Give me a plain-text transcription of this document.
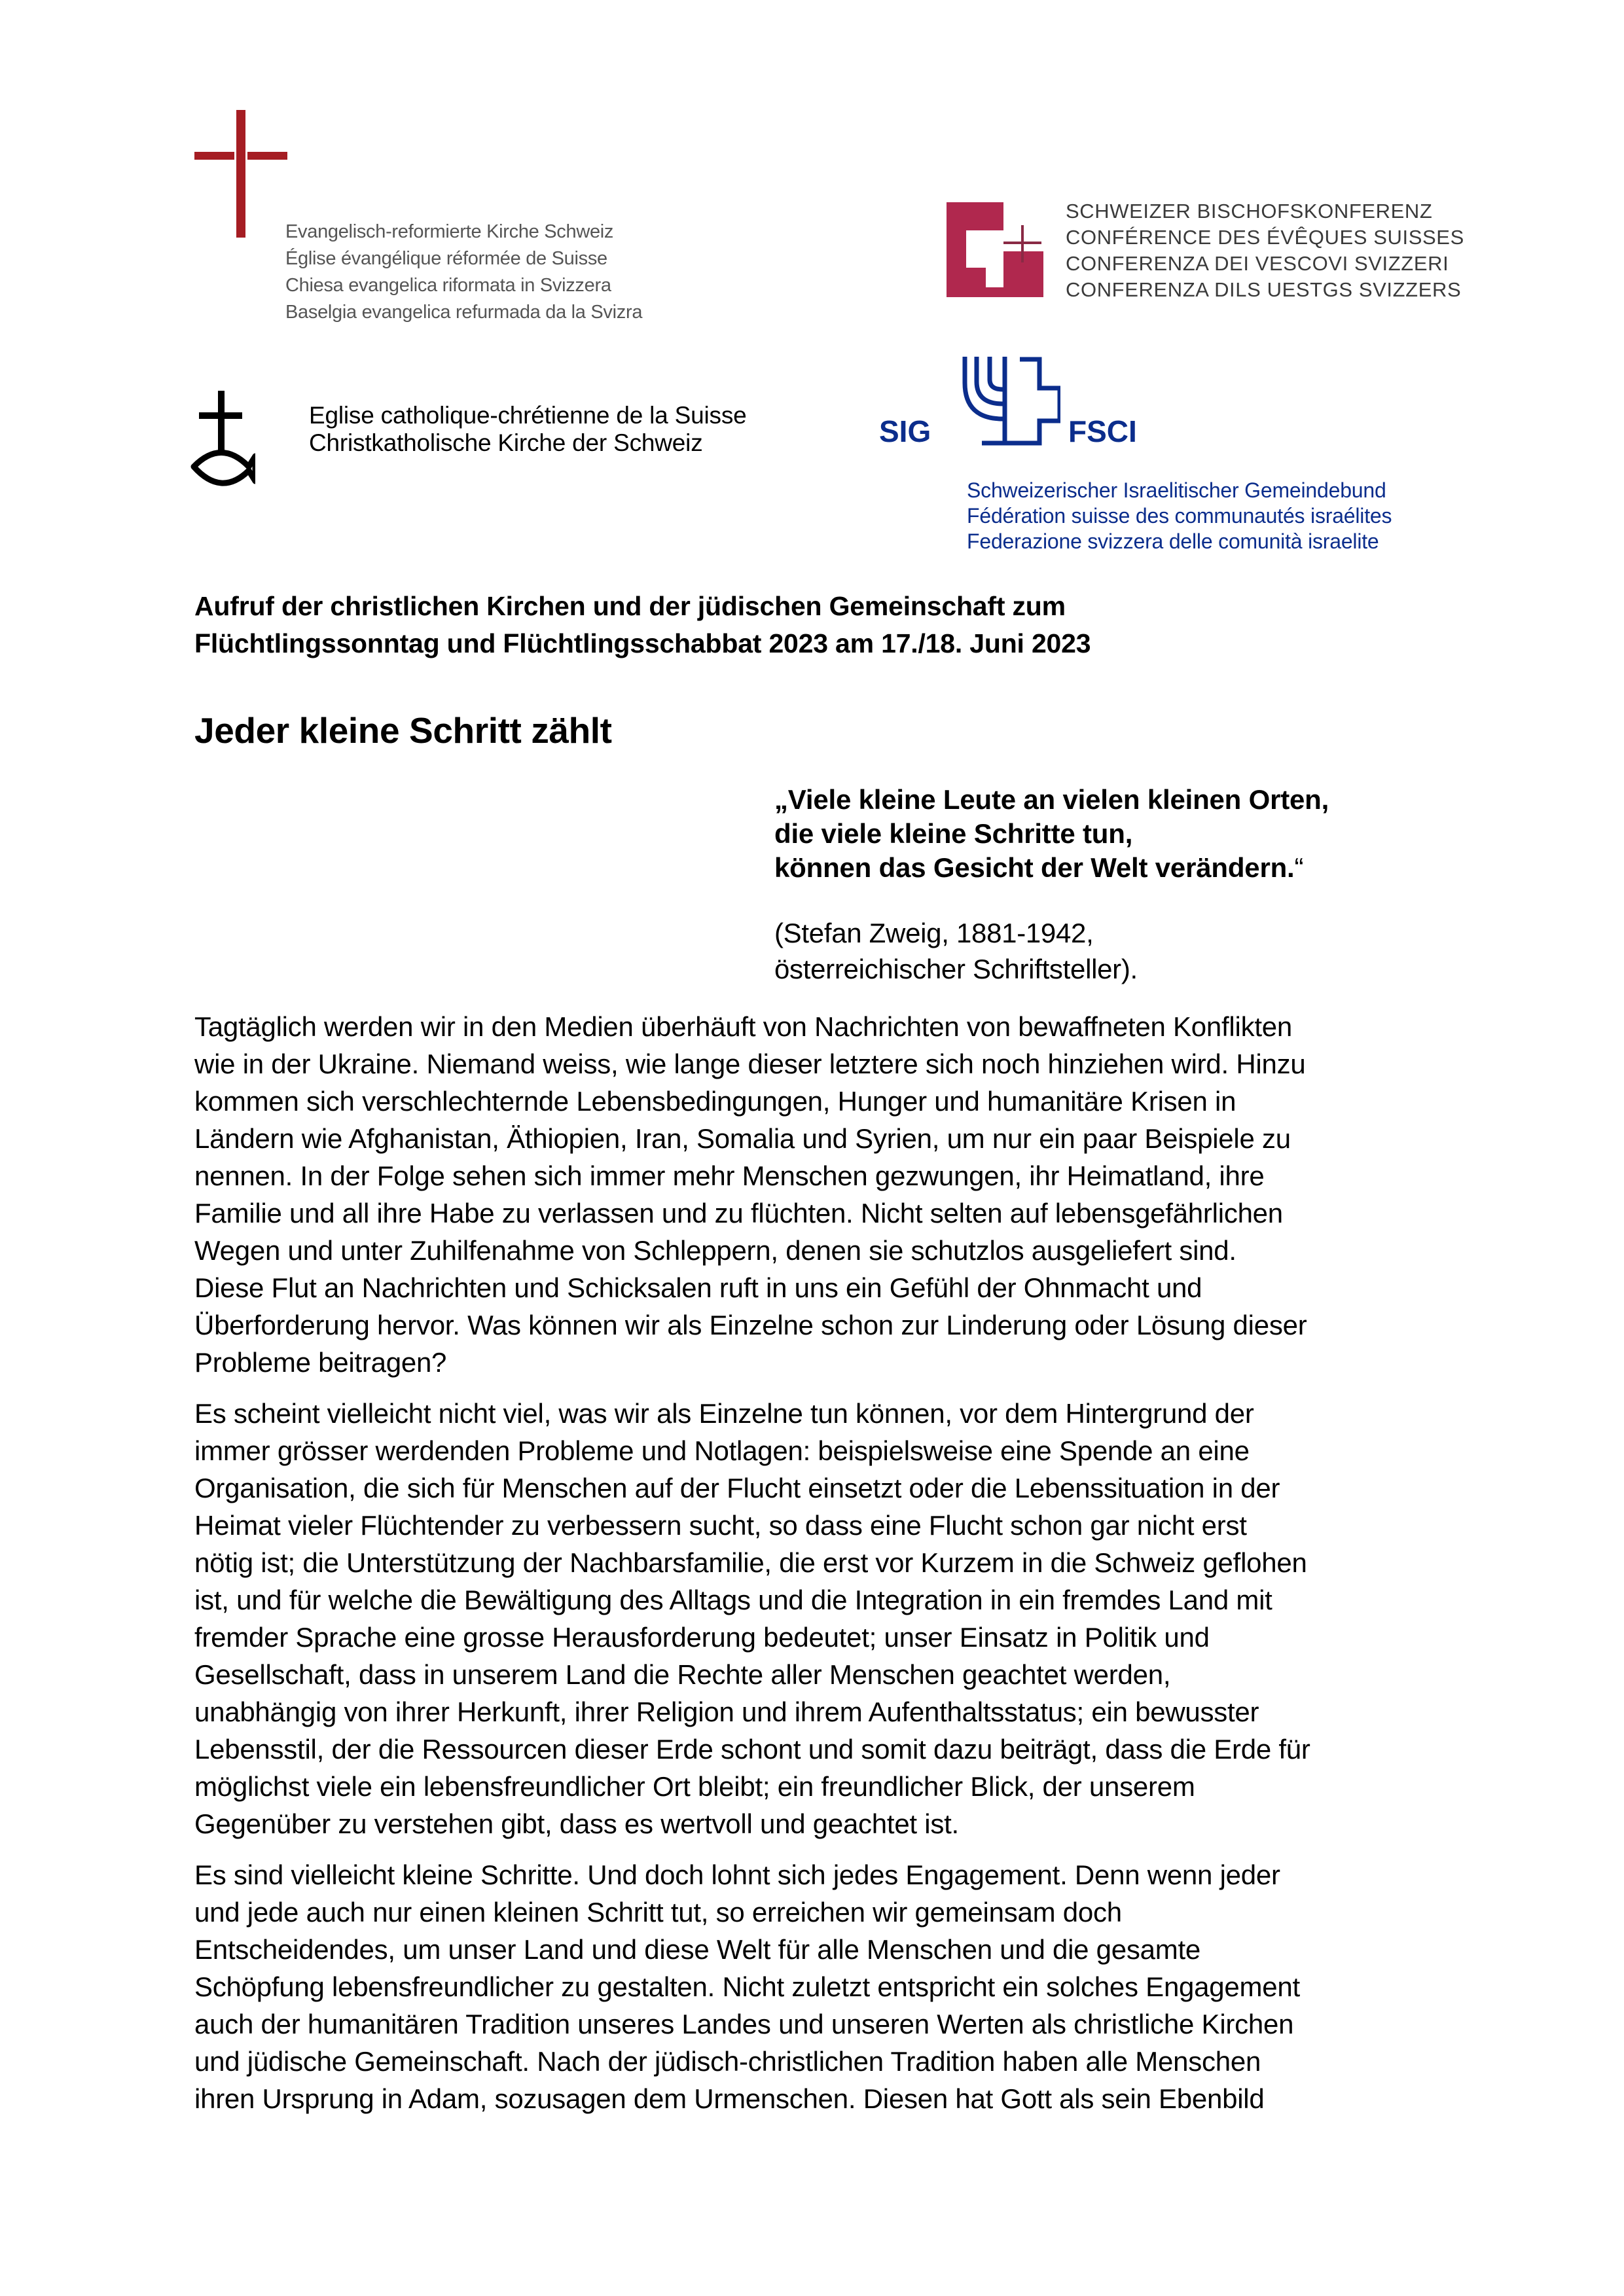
Evangelisch-reformierte Kirche Schweiz
Église évangélique réformée de Suisse
Chiesa evangelica riformata in Svizzera
Baselgia evangelica refurmada da la Svizra
SCHWEIZER BISCHOFSKONFERENZ
CONFÉRENCE DES ÉVÊQUES SUISSES
CONFERENZA DEI VESCOVI SVIZZERI
CONFERENZA DILS UESTGS SVIZZERS
Eglise catholique-chrétienne de la Suisse
Christkatholische Kirche der Schweiz	SIG	FSCI
Schweizerischer Israelitischer Gemeindebund
Fédération suisse des communautés israélites
Federazione svizzera delle comunità israelite
Aufruf der christlichen Kirchen und der jüdischen Gemeinschaft zum
Flüchtlingssonntag und Flüchtlingsschabbat 2023 am 17./18. Juni 2023
Jeder kleine Schritt zählt
„Viele kleine Leute an vielen kleinen Orten,
die viele kleine Schritte tun,
können das Gesicht der Welt verändern.“
(Stefan Zweig, 1881-1942,
österreichischer Schriftsteller).

Tagtäglich werden wir in den Medien überhäuft von Nachrichten von bewaffneten Konflikten
wie in der Ukraine. Niemand weiss, wie lange dieser letztere sich noch hinziehen wird. Hinzu
kommen sich verschlechternde Lebensbedingungen, Hunger und humanitäre Krisen in
Ländern wie Afghanistan, Äthiopien, Iran, Somalia und Syrien, um nur ein paar Beispiele zu
nennen. In der Folge sehen sich immer mehr Menschen gezwungen, ihr Heimatland, ihre
Familie und all ihre Habe zu verlassen und zu flüchten. Nicht selten auf lebensgefährlichen
Wegen und unter Zuhilfenahme von Schleppern, denen sie schutzlos ausgeliefert sind.
Diese Flut an Nachrichten und Schicksalen ruft in uns ein Gefühl der Ohnmacht und
Überforderung hervor. Was können wir als Einzelne schon zur Linderung oder Lösung dieser
Probleme beitragen?

Es scheint vielleicht nicht viel, was wir als Einzelne tun können, vor dem Hintergrund der
immer grösser werdenden Probleme und Notlagen: beispielsweise eine Spende an eine
Organisation, die sich für Menschen auf der Flucht einsetzt oder die Lebenssituation in der
Heimat vieler Flüchtender zu verbessern sucht, so dass eine Flucht schon gar nicht erst
nötig ist; die Unterstützung der Nachbarsfamilie, die erst vor Kurzem in die Schweiz geflohen
ist, und für welche die Bewältigung des Alltags und die Integration in ein fremdes Land mit
fremder Sprache eine grosse Herausforderung bedeutet; unser Einsatz in Politik und
Gesellschaft, dass in unserem Land die Rechte aller Menschen geachtet werden,
unabhängig von ihrer Herkunft, ihrer Religion und ihrem Aufenthaltsstatus; ein bewusster
Lebensstil, der die Ressourcen dieser Erde schont und somit dazu beiträgt, dass die Erde für
möglichst viele ein lebensfreundlicher Ort bleibt; ein freundlicher Blick, der unserem
Gegenüber zu verstehen gibt, dass es wertvoll und geachtet ist.

Es sind vielleicht kleine Schritte. Und doch lohnt sich jedes Engagement. Denn wenn jeder
und jede auch nur einen kleinen Schritt tut, so erreichen wir gemeinsam doch
Entscheidendes, um unser Land und diese Welt für alle Menschen und die gesamte
Schöpfung lebensfreundlicher zu gestalten. Nicht zuletzt entspricht ein solches Engagement
auch der humanitären Tradition unseres Landes und unseren Werten als christliche Kirchen
und jüdische Gemeinschaft. Nach der jüdisch-christlichen Tradition haben alle Menschen
ihren Ursprung in Adam, sozusagen dem Urmenschen. Diesen hat Gott als sein Ebenbild
